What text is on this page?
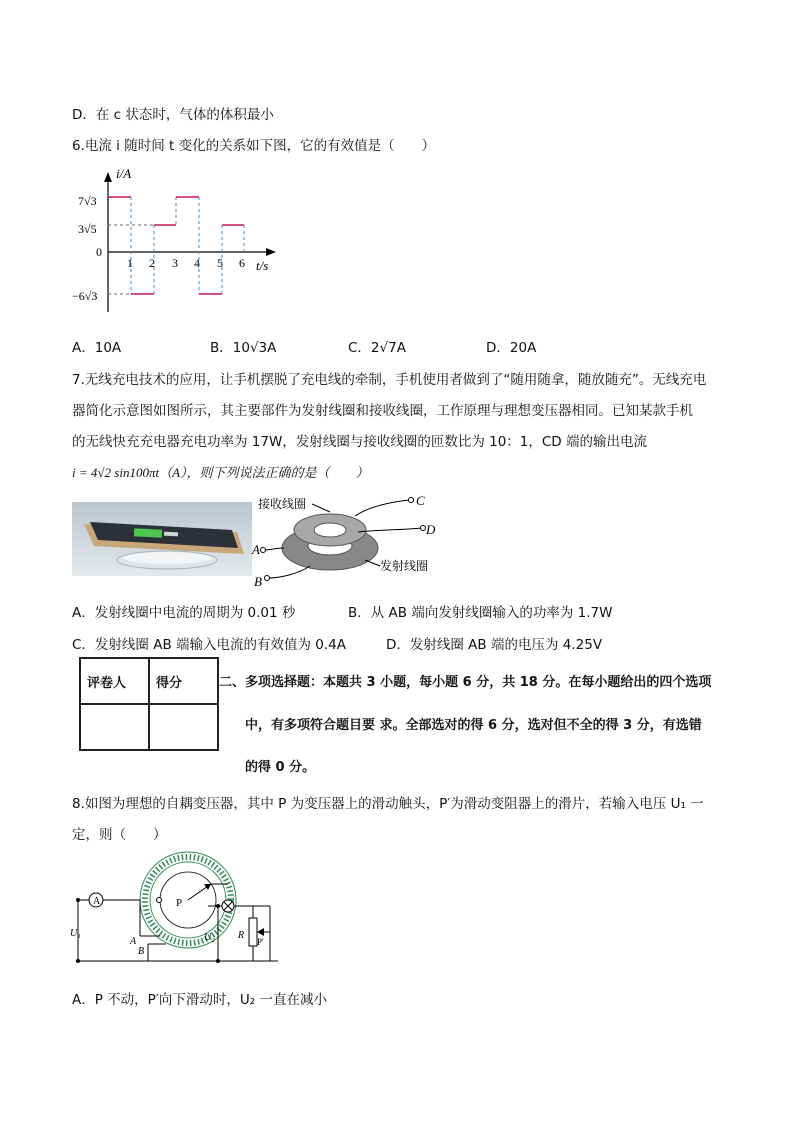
D．在 c 状态时，气体的体积最小
6.电流 i 随时间 t 变化的关系如下图，它的有效值是（　　）
i/A
t/s
7√3
3√5
0
−6√3
1 2 3 4 5 6
A．10A	B．10√3A	C．2√7A	D．20A
7.无线充电技术的应用，让手机摆脱了充电线的牵制，手机使用者做到了“随用随拿，随放随充”。无线充电
器简化示意图如图所示，其主要部件为发射线圈和接收线圈，工作原理与理想变压器相同。已知某款手机
的无线快充充电器充电功率为 17W，发射线圈与接收线圈的匝数比为 10：1，CD 端的输出电流
i = 4√2 sin100πt（A），则下列说法正确的是（　　）
接收线圈
发射线圈
C
D
A
B
A．发射线圈中电流的周期为 0.01 秒	B．从 AB 端向发射线圈输入的功率为 1.7W
C．发射线圈 AB 端输入电流的有效值为 0.4A	D．发射线圈 AB 端的电压为 4.25V
评卷人	得分
		二、多项选择题：本题共 3 小题，每小题 6 分，共 18 分。在每小题给出的四个选项
中，有多项符合题目要 求。全部选对的得 6 分，选对但不全的得 3 分，有选错
的得 0 分。
8.如图为理想的自耦变压器，其中 P 为变压器上的滑动触头，P′为滑动变阻器上的滑片，若输入电压 U₁ 一
定，则（　　）
P
A
U₁
A
B
R
P′
U₂
A．P 不动，P′向下滑动时，U₂ 一直在减小
